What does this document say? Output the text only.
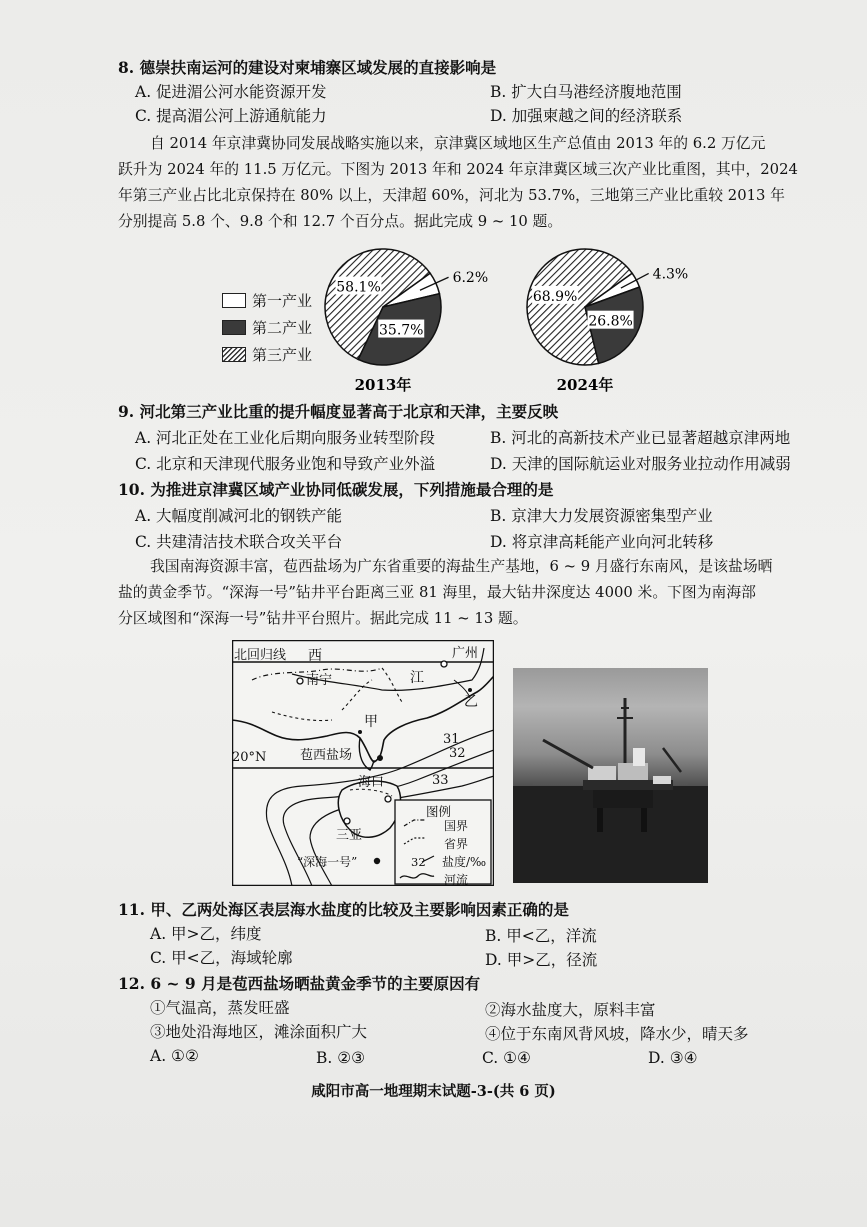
8. 德崇扶南运河的建设对柬埔寨区域发展的直接影响是
A. 促进湄公河水能资源开发	B. 扩大白马港经济腹地范围
C. 提高湄公河上游通航能力	D. 加强柬越之间的经济联系
自 2014 年京津冀协同发展战略实施以来，京津冀区域地区生产总值由 2013 年的 6.2 万亿元
跃升为 2024 年的 11.5 万亿元。下图为 2013 年和 2024 年京津冀区域三次产业比重图，其中，2024
年第三产业占比北京保持在 80% 以上，天津超 60%，河北为 53.7%，三地第三产业比重较 2013 年
分别提高 5.8 个、9.8 个和 12.7 个百分点。据此完成 9 ~ 10 题。
58.1%
6.2%
35.7%
2013年
68.9%
4.3%
26.8%
2024年
第一产业
第二产业
第三产业
9. 河北第三产业比重的提升幅度显著高于北京和天津，主要反映
A. 河北正处在工业化后期向服务业转型阶段	B. 河北的高新技术产业已显著超越京津两地
C. 北京和天津现代服务业饱和导致产业外溢	D. 天津的国际航运业对服务业拉动作用减弱
10. 为推进京津冀区域产业协同低碳发展，下列措施最合理的是
A. 大幅度削减河北的钢铁产能	B. 京津大力发展资源密集型产业
C. 共建清洁技术联合攻关平台	D. 将京津高耗能产业向河北转移
我国南海资源丰富，苞西盐场为广东省重要的海盐生产基地，6 ~ 9 月盛行东南风，是该盐场晒
盐的黄金季节。“深海一号”钻井平台距离三亚 81 海里，最大钻井深度达 4000 米。下图为南海部
分区域图和“深海一号”钻井平台照片。据此完成 11 ~ 13 题。
北回归线 西	广州
南宁	江
乙
甲
20°N	苞西盐场
31
32
33
海口
三亚
“深海一号”
图例
国界
省界
32 盐度/‰
河流
11. 甲、乙两处海区表层海水盐度的比较及主要影响因素正确的是
A. 甲>乙，纬度	B. 甲<乙，洋流
C. 甲<乙，海域轮廓	D. 甲>乙，径流
12. 6 ~ 9 月是苞西盐场晒盐黄金季节的主要原因有
①气温高，蒸发旺盛	②海水盐度大，原料丰富
③地处沿海地区，滩涂面积广大	④位于东南风背风坡，降水少，晴天多
A. ①②	B. ②③	C. ①④	D. ③④
咸阳市高一地理期末试题-3-(共 6 页)
